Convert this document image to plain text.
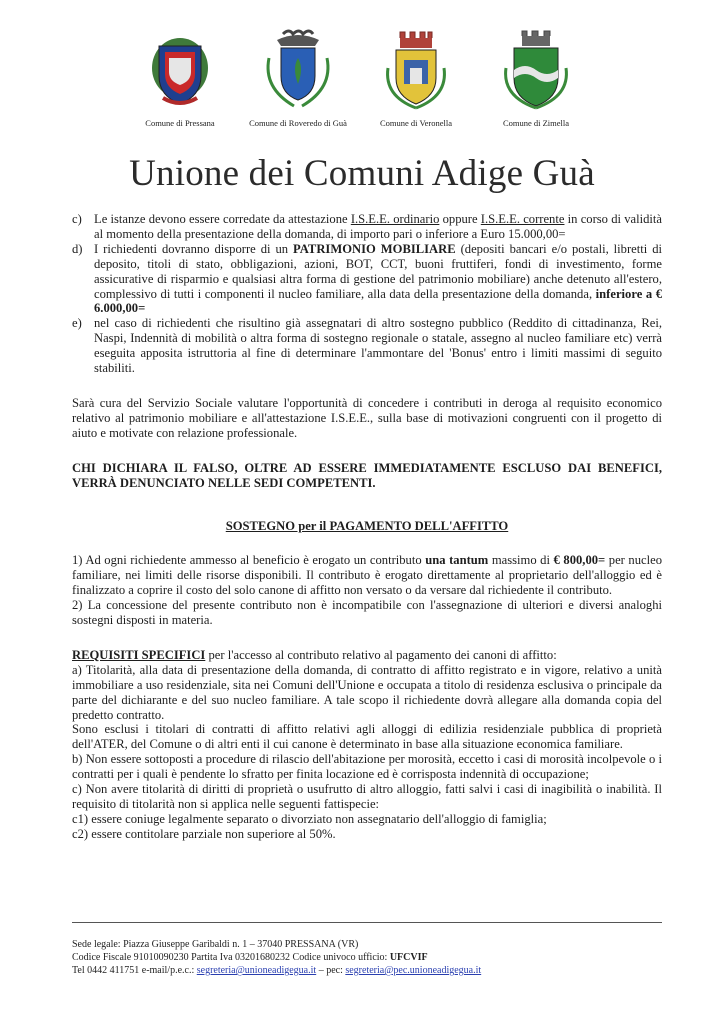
Comune di Pressana	Comune di Roveredo di Guà	Comune di Veronella	Comune di Zimella
Unione dei Comuni Adige Guà
c) Le istanze devono essere corredate da attestazione I.S.E.E. ordinario oppure I.S.E.E. corrente in corso di validità al momento della presentazione della domanda, di importo pari o inferiore a Euro 15.000,00=
d) I richiedenti dovranno disporre di un PATRIMONIO MOBILIARE (depositi bancari e/o postali, libretti di deposito, titoli di stato, obbligazioni, azioni, BOT, CCT, buoni fruttiferi, fondi di investimento, forme assicurative di risparmio e qualsiasi altra forma di gestione del patrimonio mobiliare) anche detenuto all'estero, complessivo di tutti i componenti il nucleo familiare, alla data della presentazione della domanda, inferiore a € 6.000,00=
e) nel caso di richiedenti che risultino già assegnatari di altro sostegno pubblico (Reddito di cittadinanza, Rei, Naspi, Indennità di mobilità o altra forma di sostegno regionale o statale, assegno al nucleo familiare etc) verrà eseguita apposita istruttoria al fine di determinare l'ammontare del 'Bonus' entro i limiti massimi di seguito stabiliti.

Sarà cura del Servizio Sociale valutare l'opportunità di concedere i contributi in deroga al requisito economico relativo al patrimonio mobiliare e all'attestazione I.S.E.E., sulla base di motivazioni congruenti con il progetto di aiuto e motivate con relazione professionale.

CHI DICHIARA IL FALSO, OLTRE AD ESSERE IMMEDIATAMENTE ESCLUSO DAI BENEFICI, VERRÀ DENUNCIATO NELLE SEDI COMPETENTI.

SOSTEGNO per il PAGAMENTO DELL'AFFITTO

1) Ad ogni richiedente ammesso al beneficio è erogato un contributo una tantum massimo di € 800,00= per nucleo familiare, nei limiti delle risorse disponibili. Il contributo è erogato direttamente al proprietario dell'alloggio ed è finalizzato a coprire il costo del solo canone di affitto non versato o da versare dal richiedente il contributo.

2) La concessione del presente contributo non è incompatibile con l'assegnazione di ulteriori e diversi analoghi sostegni disposti in materia.

REQUISITI SPECIFICI per l'accesso al contributo relativo al pagamento dei canoni di affitto:

a) Titolarità, alla data di presentazione della domanda, di contratto di affitto registrato e in vigore, relativo a unità immobiliare a uso residenziale, sita nei Comuni dell'Unione e occupata a titolo di residenza esclusiva o principale da parte del dichiarante e del suo nucleo familiare. A tale scopo il richiedente dovrà allegare alla domanda copia del predetto contratto.

Sono esclusi i titolari di contratti di affitto relativi agli alloggi di edilizia residenziale pubblica di proprietà dell'ATER, del Comune o di altri enti il cui canone è determinato in base alla situazione economica familiare.

b) Non essere sottoposti a procedure di rilascio dell'abitazione per morosità, eccetto i casi di morosità incolpevole o i contratti per i quali è pendente lo sfratto per finita locazione ed è corrisposta indennità di occupazione;

c) Non avere titolarità di diritti di proprietà o usufrutto di altro alloggio, fatti salvi i casi di inagibilità o inabilità. Il requisito di titolarità non si applica nelle seguenti fattispecie:

c1) essere coniuge legalmente separato o divorziato non assegnatario dell'alloggio di famiglia;

c2) essere contitolare parziale non superiore al 50%.

Sede legale: Piazza Giuseppe Garibaldi n. 1 – 37040 PRESSANA (VR)
Codice Fiscale 91010090230 Partita Iva 03201680232 Codice univoco ufficio: UFCVIF
Tel 0442 411751 e-mail/p.e.c.: segreteria@unioneadigegua.it – pec: segreteria@pec.unioneadigegua.it
